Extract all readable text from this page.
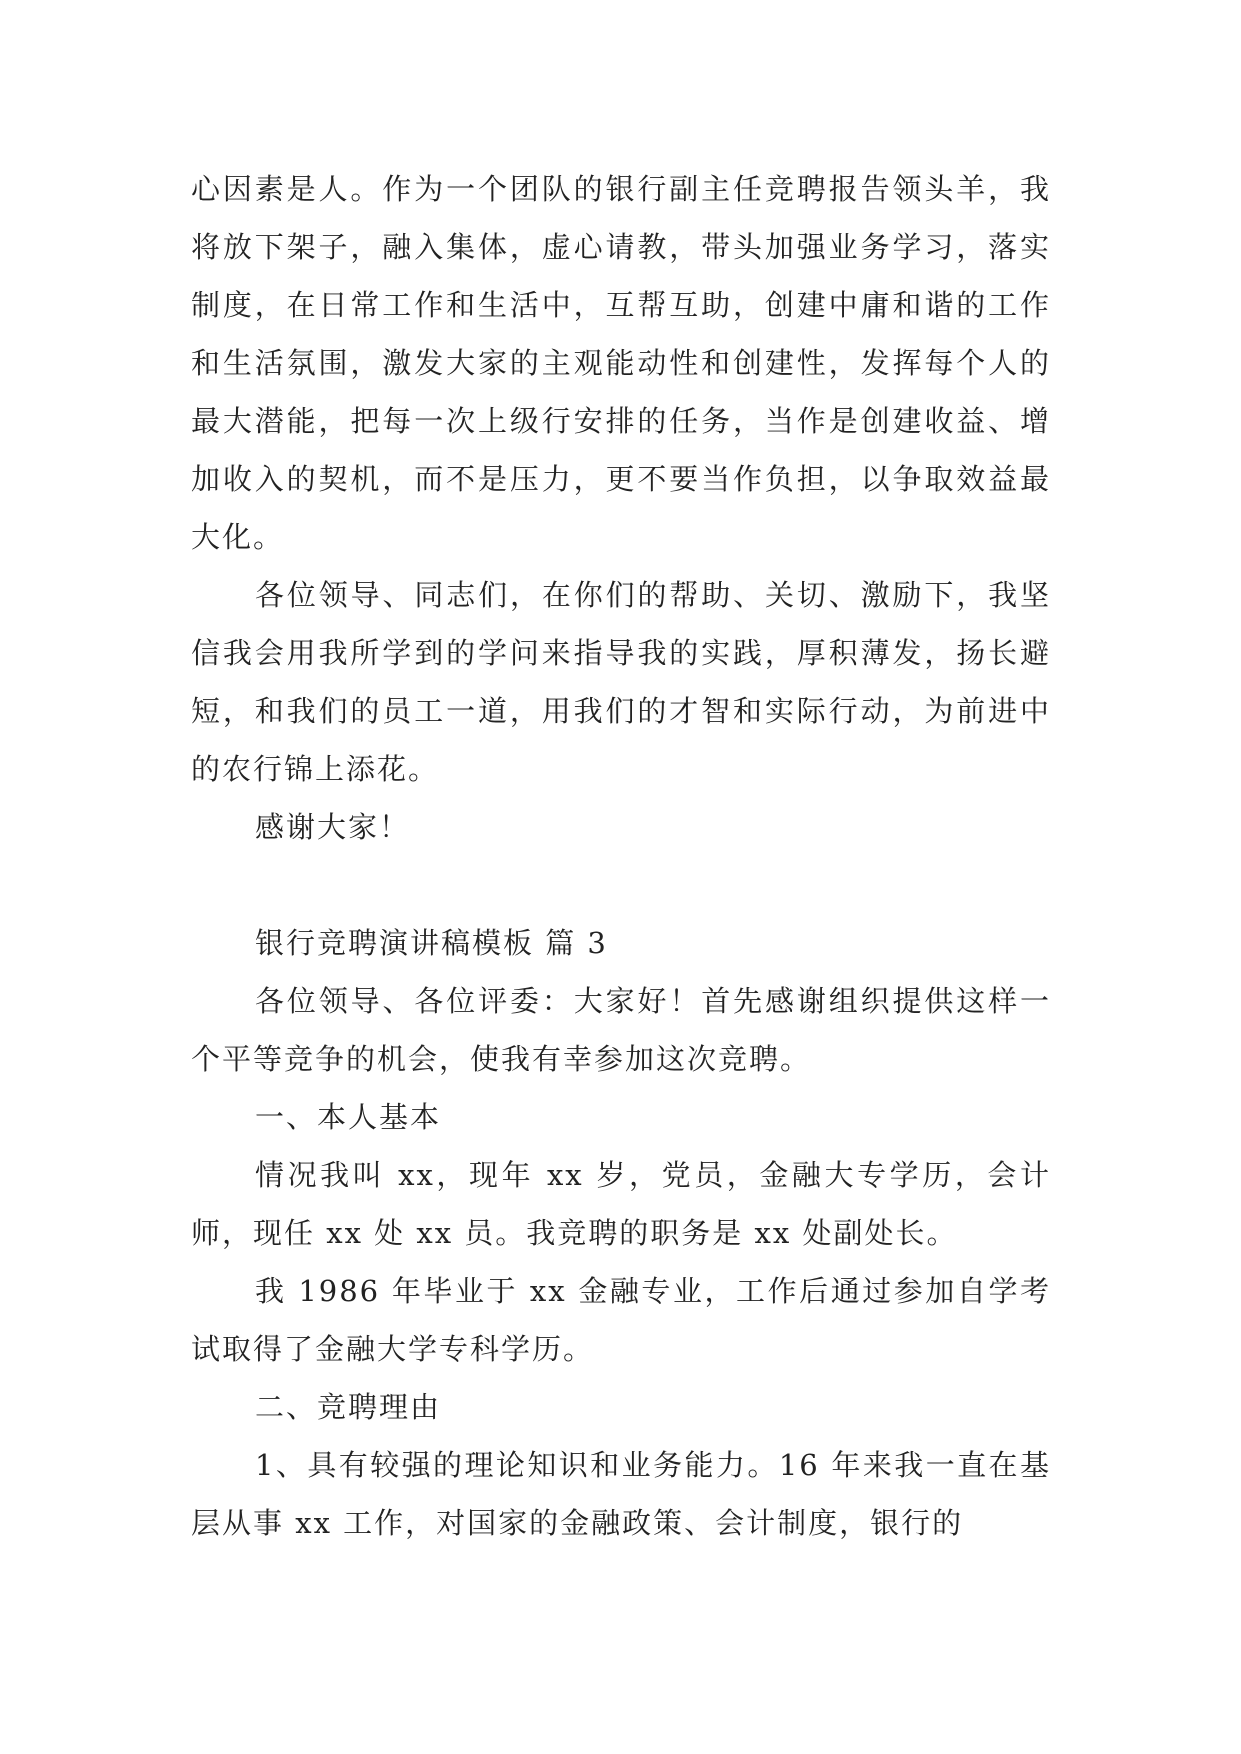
心因素是人。作为一个团队的银行副主任竞聘报告领头羊，我将放下架子，融入集体，虚心请教，带头加强业务学习，落实制度，在日常工作和生活中，互帮互助，创建中庸和谐的工作和生活氛围，激发大家的主观能动性和创建性，发挥每个人的最大潜能，把每一次上级行安排的任务，当作是创建收益、增加收入的契机，而不是压力，更不要当作负担，以争取效益最大化。

各位领导、同志们，在你们的帮助、关切、激励下，我坚信我会用我所学到的学问来指导我的实践，厚积薄发，扬长避短，和我们的员工一道，用我们的才智和实际行动，为前进中的农行锦上添花。

感谢大家！

银行竞聘演讲稿模板 篇 3

各位领导、各位评委：大家好！首先感谢组织提供这样一个平等竞争的机会，使我有幸参加这次竞聘。

一、本人基本

情况我叫 xx，现年 xx 岁，党员，金融大专学历，会计师，现任 xx 处 xx 员。我竞聘的职务是 xx 处副处长。

我 1986 年毕业于 xx 金融专业，工作后通过参加自学考试取得了金融大学专科学历。

二、竞聘理由

1、具有较强的理论知识和业务能力。16 年来我一直在基层从事 xx 工作，对国家的金融政策、会计制度，银行的
